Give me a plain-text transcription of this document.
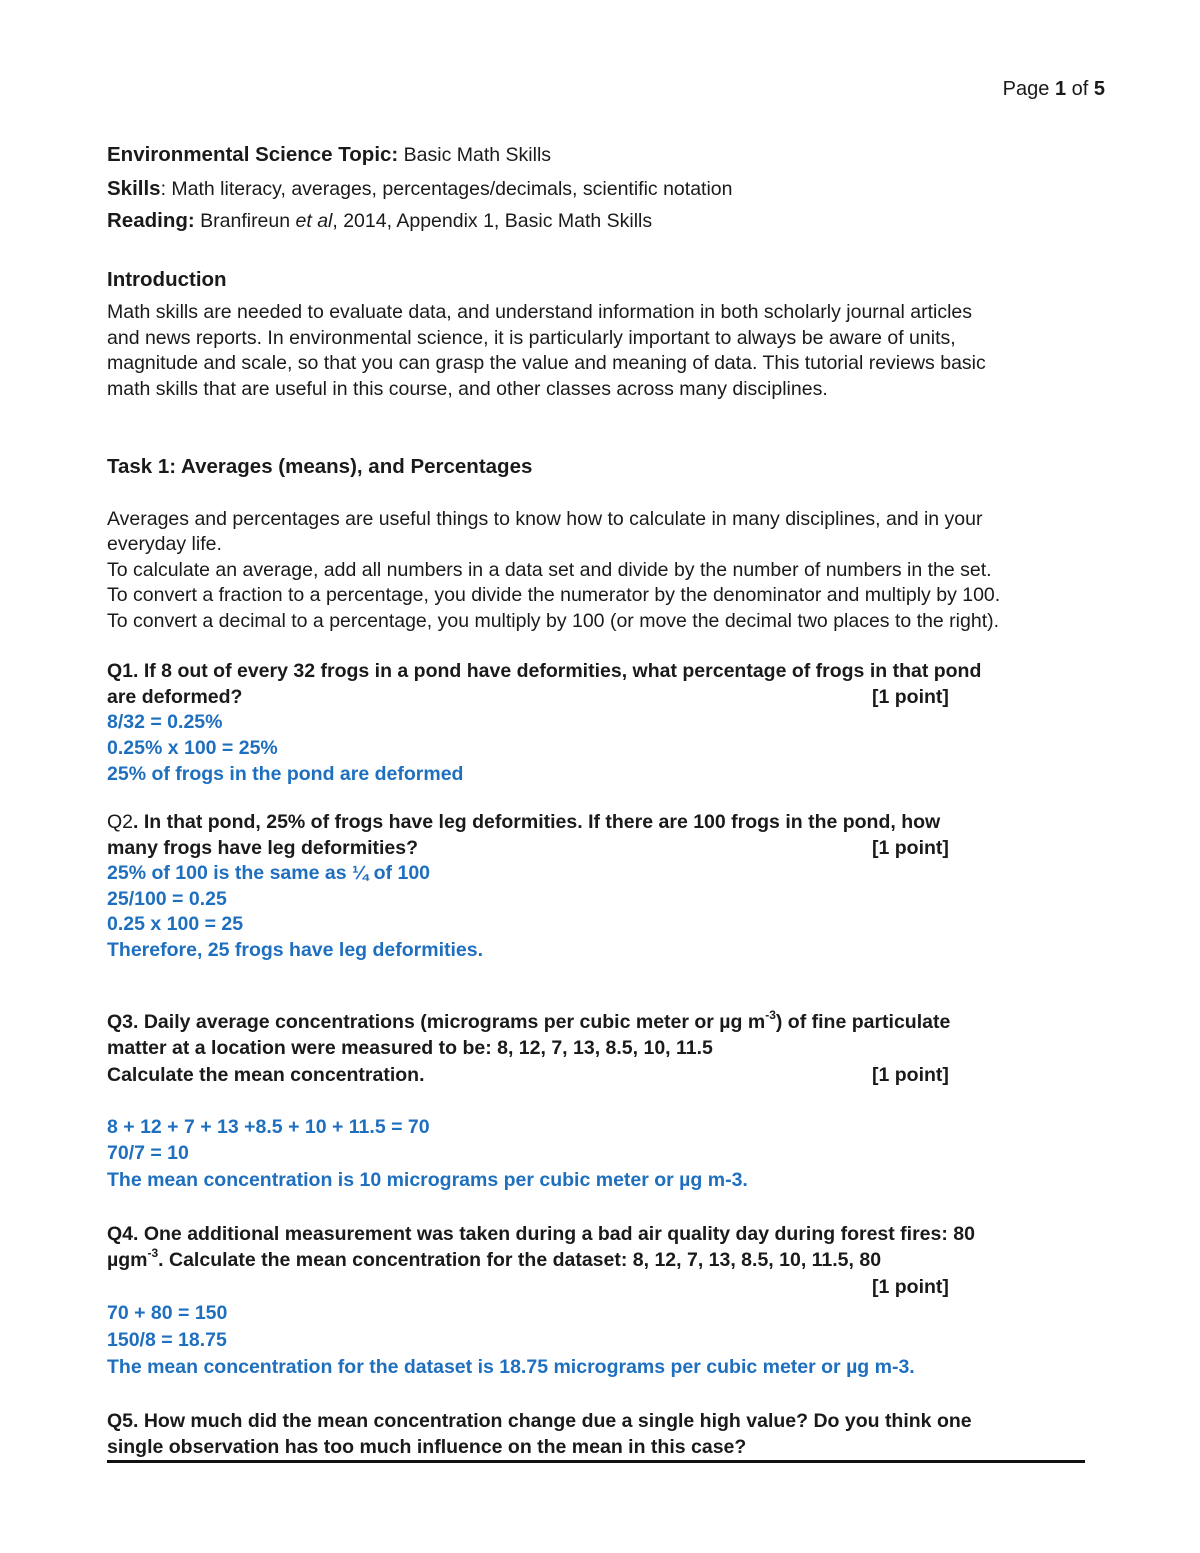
Page 1 of 5
Environmental Science Topic: Basic Math Skills
Skills: Math literacy, averages, percentages/decimals, scientific notation
Reading: Branfireun et al, 2014, Appendix 1, Basic Math Skills
Introduction
Math skills are needed to evaluate data, and understand information in both scholarly journal articles
and news reports. In environmental science, it is particularly important to always be aware of units,
magnitude and scale, so that you can grasp the value and meaning of data. This tutorial reviews basic
math skills that are useful in this course, and other classes across many disciplines.
Task 1: Averages (means), and Percentages
Averages and percentages are useful things to know how to calculate in many disciplines, and in your
everyday life.
To calculate an average, add all numbers in a data set and divide by the number of numbers in the set.
To convert a fraction to a percentage, you divide the numerator by the denominator and multiply by 100.
To convert a decimal to a percentage, you multiply by 100 (or move the decimal two places to the right).
Q1. If 8 out of every 32 frogs in a pond have deformities, what percentage of frogs in that pond
are deformed?	[1 point]
8/32 = 0.25%
0.25% x 100 = 25%
25% of frogs in the pond are deformed
Q2. In that pond, 25% of frogs have leg deformities. If there are 100 frogs in the pond, how
many frogs have leg deformities?	[1 point]
25% of 100 is the same as ¼ of 100
25/100 = 0.25
0.25 x 100 = 25
Therefore, 25 frogs have leg deformities.
Q3. Daily average concentrations (micrograms per cubic meter or µg $m^{-3}$) of fine particulate
matter at a location were measured to be: 8, 12, 7, 13, 8.5, 10, 11.5
Calculate the mean concentration.	[1 point]
8 + 12 + 7 + 13 +8.5 + 10 + 11.5 = 70
70/7 = 10
The mean concentration is 10 micrograms per cubic meter or µg m-3.
Q4. One additional measurement was taken during a bad air quality day during forest fires: 80
µgm$^{-3}$. Calculate the mean concentration for the dataset: 8, 12, 7, 13, 8.5, 10, 11.5, 80
[1 point]
70 + 80 = 150
150/8 = 18.75
The mean concentration for the dataset is 18.75 micrograms per cubic meter or µg m-3.
Q5. How much did the mean concentration change due a single high value? Do you think one
single observation has too much influence on the mean in this case?
